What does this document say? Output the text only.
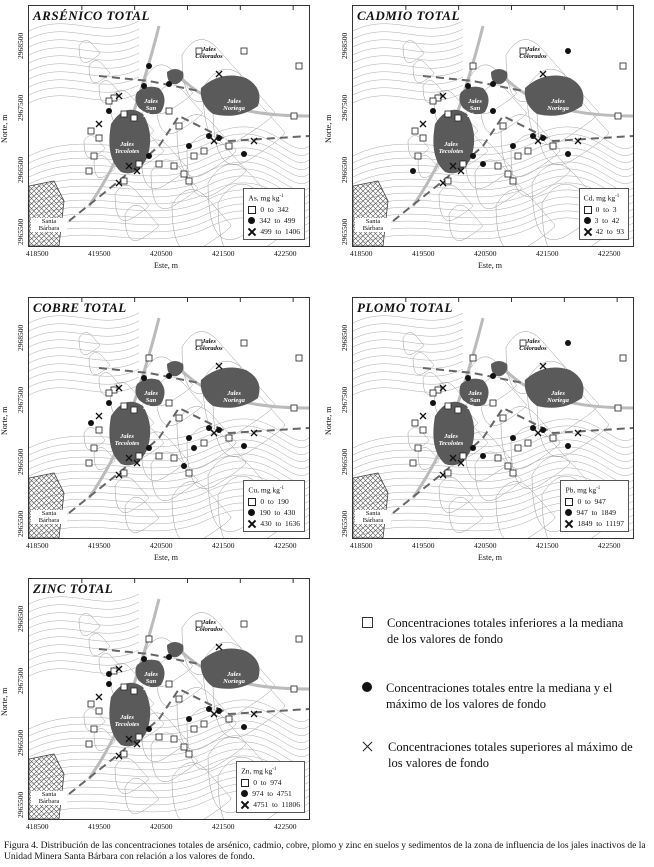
ARSÉNICO TOTAL
Jales Colorados
Jales San Diego
Jales Noriega
Jales Tecolotes
Santa Bárbara
As, mg $kg^{-1}$
0  to  342
342  to  499
499  to  1406
Norte, m
2968500
2967500
2966500
2965500
418500	419500	420500	421500	422500
Este, m
CADMIO TOTAL
Jales Colorados
Jales San Diego
Jales Noriega
Jales Tecolotes
Santa Bárbara
Cd, mg $kg^{-1}$
0  to  3
3  to  42
42  to  93
Norte, m
2968500
2967500
2966500
2965500
418500	419500	420500	421500	422500
Este, m
COBRE TOTAL
Jales Colorados
Jales San Diego
Jales Noriega
Jales Tecolotes
Santa Bárbara
Cu, mg $kg^{-1}$
0  to  190
190  to  430
430  to  1636
Norte, m
2968500
2967500
2966500
2965500
418500	419500	420500	421500	422500
Este, m
PLOMO TOTAL
Jales Colorados
Jales San Diego
Jales Noriega
Jales Tecolotes
Santa Bárbara
Pb, mg $kg^{-1}$
0  to  947
947  to  1849
1849  to  11197
Norte, m
2968500
2967500
2966500
2965500
418500	419500	420500	421500	422500
Este, m
ZINC TOTAL
Jales Colorados
Jales San Diego
Jales Noriega
Jales Tecolotes
Santa Bárbara
Zn, mg $kg^{-1}$
0  to  974
974  to  4751
4751  to  11806
Norte, m
2968500
2967500
2966500
2965500
418500	419500	420500	421500	422500
Concentraciones totales inferiores a la mediana de los valores de fondo
Concentraciones totales entre la mediana y el máximo de los valores de fondo
Concentraciones totales superiores al máximo de los valores de fondo
Figura 4. Distribución de las concentraciones totales de arsénico, cadmio, cobre, plomo y zinc en suelos y sedimentos de la zona de influencia de los jales inactivos de la Unidad Minera Santa Bárbara con relación a los valores de fondo.
